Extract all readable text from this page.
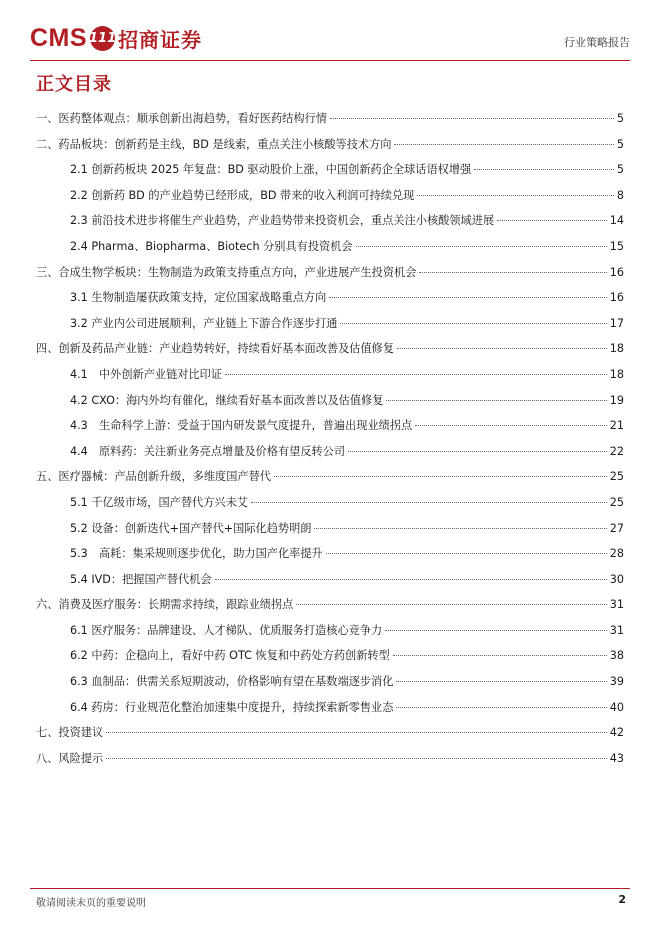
CMS 111 招商证券	行业策略报告
正文目录
一、医药整体观点：顺承创新出海趋势，看好医药结构行情	5
二、药品板块：创新药是主线，BD 是线索，重点关注小核酸等技术方向	5
2.1 创新药板块 2025 年复盘：BD 驱动股价上涨，中国创新药企全球话语权增强	5
2.2 创新药 BD 的产业趋势已经形成，BD 带来的收入利润可持续兑现	8
2.3 前沿技术进步将催生产业趋势，产业趋势带来投资机会，重点关注小核酸领域进展	14
2.4 Pharma、Biopharma、Biotech 分别具有投资机会	15
三、合成生物学板块：生物制造为政策支持重点方向，产业进展产生投资机会	16
3.1 生物制造屡获政策支持，定位国家战略重点方向	16
3.2 产业内公司进展顺利，产业链上下游合作逐步打通	17
四、创新及药品产业链：产业趋势转好，持续看好基本面改善及估值修复	18
4.1　中外创新产业链对比印证	18
4.2 CXO：海内外均有催化，继续看好基本面改善以及估值修复	19
4.3　生命科学上游：受益于国内研发景气度提升，普遍出现业绩拐点	21
4.4　原料药：关注新业务亮点增量及价格有望反转公司	22
五、医疗器械：产品创新升级，多维度国产替代	25
5.1 千亿级市场，国产替代方兴未艾	25
5.2 设备：创新迭代+国产替代+国际化趋势明朗	27
5.3　高耗：集采规则逐步优化，助力国产化率提升	28
5.4 IVD：把握国产替代机会	30
六、消费及医疗服务：长期需求持续，跟踪业绩拐点	31
6.1 医疗服务：品牌建设、人才梯队、优质服务打造核心竞争力	31
6.2 中药：企稳向上，看好中药 OTC 恢复和中药处方药创新转型	38
6.3 血制品：供需关系短期波动，价格影响有望在基数端逐步消化	39
6.4 药房：行业规范化整治加速集中度提升，持续探索新零售业态	40
七、投资建议	42
八、风险提示	43
敬请阅读末页的重要说明	2
